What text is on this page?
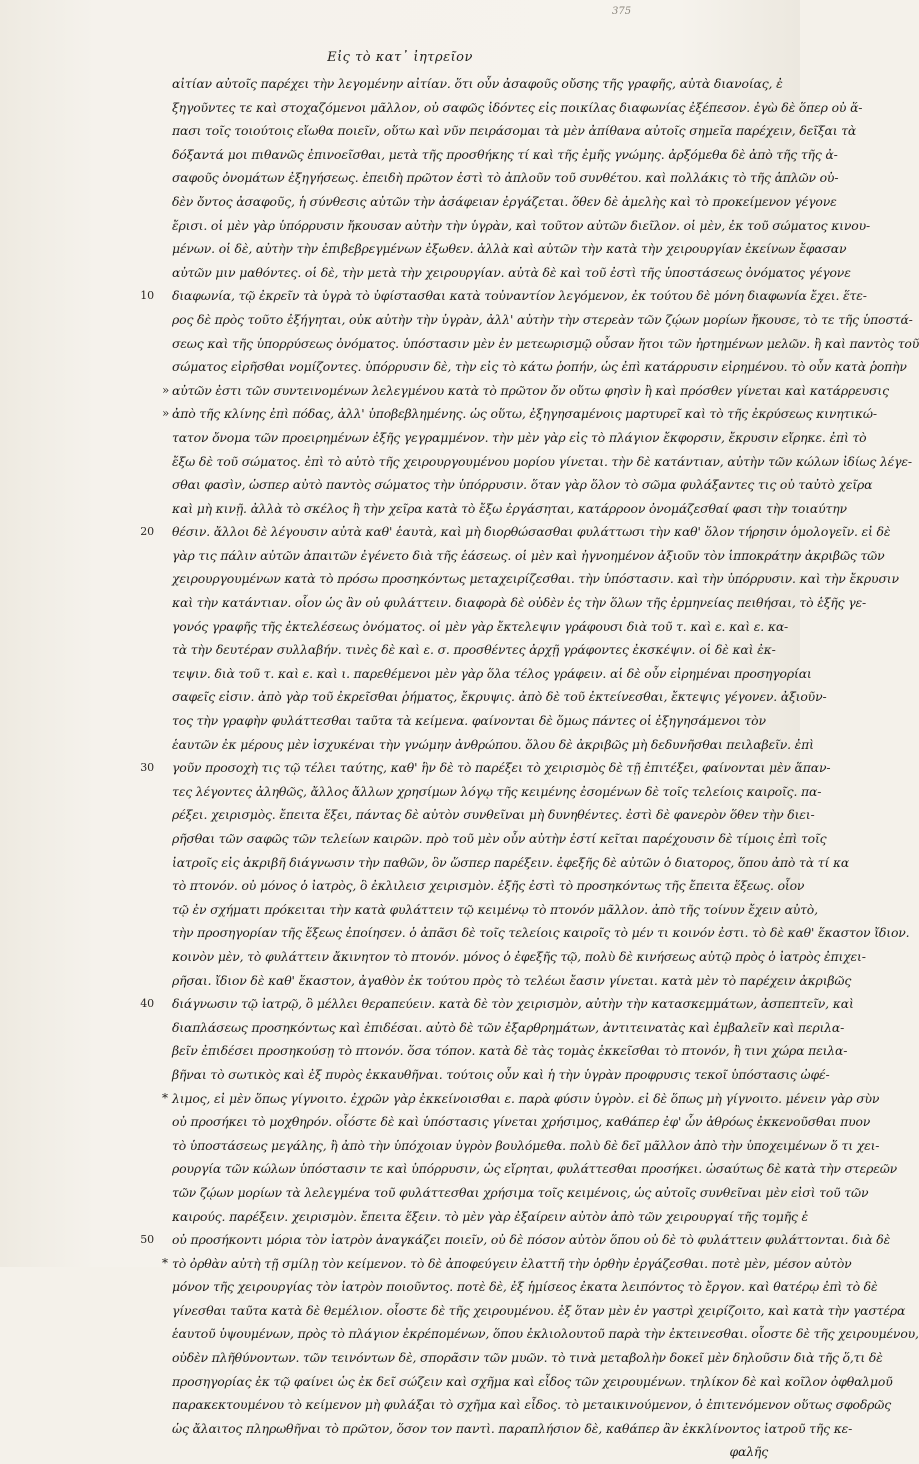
375
Εἰς τὸ κατ᾽ ἰητρεῖον
αἰτίαν αὐτοῖς παρέχει τὴν λεγομένην αἰτίαν. ὅτι οὖν ἀσαφοῦς οὔσης τῆς γραφῆς, αὐτὰ διανοίας, ἐ
ξηγοῦντες τε καὶ στοχαζόμενοι μᾶλλον, οὐ σαφῶς ἰδόντες εἰς ποικίλας διαφωνίας ἐξέπεσον. ἐγὼ δὲ ὅπερ οὐ ἅ-
πασι τοῖς τοιούτοις εἴωθα ποιεῖν, οὕτω καὶ νῦν πειράσομαι τὰ μὲν ἀπίθανα αὐτοῖς σημεῖα παρέχειν, δεῖξαι τὰ
δόξαντά μοι πιθανῶς ἐπινοεῖσθαι, μετὰ τῆς προσθήκης τί καὶ τῆς ἐμῆς γνώμης. ἀρξόμεθα δὲ ἀπὸ τῆς τῆς ἀ-
σαφοῦς ὀνομάτων ἐξηγήσεως. ἐπειδὴ πρῶτον ἐστὶ τὸ ἀπλοῦν τοῦ συνθέτου. καὶ πολλάκις τὸ τῆς ἁπλῶν οὐ-
δὲν ὄντος ἀσαφοῦς, ἡ σύνθεσις αὐτῶν τὴν ἀσάφειαν ἐργάζεται. ὅθεν δὲ ἀμελὴς καὶ τὸ προκείμενον γέγονε
ἔρισι. οἱ μὲν γὰρ ὑπόρρυσιν ἤκουσαν αὐτὴν τὴν ὑγρὰν, καὶ τοῦτον αὐτῶν διεῖλον. οἱ μὲν, ἐκ τοῦ σώματος κινου-
μένων. οἱ δὲ, αὐτὴν τὴν ἐπιβεβρεγμένων ἐξωθεν. ἀλλὰ καὶ αὐτῶν τὴν κατὰ τὴν χειρουργίαν ἐκείνων ἔφασαν
αὐτῶν μιν μαθόντες. οἱ δὲ, τὴν μετὰ τὴν χειρουργίαν. αὐτὰ δὲ καὶ τοῦ ἐστὶ τῆς ὑποστάσεως ὀνόματος γέγονε
10 διαφωνία, τῷ ἐκρεῖν τὰ ὑγρὰ τὸ ὑφίστασθαι κατὰ τοὐναντίον λεγόμενον, ἐκ τούτου δὲ μόνη διαφωνία ἔχει. ἕτε-
ρος δὲ πρὸς τοῦτο ἐξήγηται, οὐκ αὐτὴν τὴν ὑγρὰν, ἀλλ' αὐτὴν τὴν στερεὰν τῶν ζῴων μορίων ἤκουσε, τὸ τε τῆς ὑποστά-
σεως καὶ τῆς ὑπορρύσεως ὀνόματος. ὑπόστασιν μὲν ἐν μετεωρισμῷ οὖσαν ἤτοι τῶν ἠρτημένων μελῶν. ἢ καὶ παντὸς τοῦ
σώματος εἰρῆσθαι νομίζοντες. ὑπόρρυσιν δὲ, τὴν εἰς τὸ κάτω ῥοπήν, ὡς ἐπὶ κατάρρυσιν εἰρημένου. τὸ οὖν κατὰ ῥοπὴν
» αὐτῶν ἐστι τῶν συντεινομένων λελεγμένου κατὰ τὸ πρῶτον ὄν οὕτω φησὶν ἢ καὶ πρόσθεν γίνεται καὶ κατάρρευσις
» ἀπὸ τῆς κλίνης ἐπὶ πόδας, ἀλλ' ὑποβεβλημένης. ὡς οὕτω, ἐξηγησαμένοις μαρτυρεῖ καὶ τὸ τῆς ἐκρύσεως κινητικώ-
τατον ὄνομα τῶν προειρημένων ἐξῆς γεγραμμένον. τὴν μὲν γὰρ εἰς τὸ πλάγιον ἔκφορσιν, ἔκρυσιν εἴρηκε. ἐπὶ τὸ
ἔξω δὲ τοῦ σώματος. ἐπὶ τὸ αὐτὸ τῆς χειρουργουμένου μορίου γίνεται. τὴν δὲ κατάντιαν, αὐτὴν τῶν κώλων ἰδίως λέγε-
σθαι φασὶν, ὡσπερ αὐτὸ παντὸς σώματος τὴν ὑπόρρυσιν. ὅταν γὰρ ὅλον τὸ σῶμα φυλάξαντες τις οὐ ταὐτὸ χεῖρα
καὶ μὴ κινῇ. ἀλλὰ τὸ σκέλος ἢ τὴν χεῖρα κατὰ τὸ ἔξω ἐργάσηται, κατάρροον ὀνομάζεσθαί φασι τὴν τοιαύτην
20 θέσιν. ἄλλοι δὲ λέγουσιν αὐτὰ καθ' ἑαυτὰ, καὶ μὴ διορθώσασθαι φυλάττωσι τὴν καθ' ὅλον τήρησιν ὁμολογεῖν. εἰ δὲ
γὰρ τις πάλιν αὐτῶν ἀπαιτῶν ἐγένετο διὰ τῆς ἑάσεως. οἱ μὲν καὶ ἠγνοημένον ἀξιοῦν τὸν ἱπποκράτην ἀκριβῶς τῶν
χειρουργουμένων κατὰ τὸ πρόσω προσηκόντως μεταχειρίζεσθαι. τὴν ὑπόστασιν. καὶ τὴν ὑπόρρυσιν. καὶ τὴν ἔκρυσιν
καὶ τὴν κατάντιαν. οἷον ὡς ἂν οὐ φυλάττειν. διαφορὰ δὲ οὐδὲν ἐς τὴν ὅλων τῆς ἐρμηνείας πειθήσαι, τὸ ἑξῆς γε-
γονός γραφῆς τῆς ἐκτελέσεως ὀνόματος. οἱ μὲν γὰρ ἔκτελεψιν γράφουσι διὰ τοῦ τ. καὶ ε. καὶ ε. κα-
τὰ τὴν δευτέραν συλλαβήν. τινὲς δὲ καὶ ε. σ. προσθέντες ἀρχῇ γράφοντες ἐκσκέψιν. οἱ δὲ καὶ ἐκ-
τεψιν. διὰ τοῦ τ. καὶ ε. καὶ ι. παρεθέμενοι μὲν γὰρ ὅλα τέλος γράφειν. αἱ δὲ οὖν εἰρημέναι προσηγορίαι
σαφεῖς εἰσιν. ἀπὸ γὰρ τοῦ ἐκρεῖσθαι ῥήματος, ἔκρυψις. ἀπὸ δὲ τοῦ ἐκτείνεσθαι, ἔκτεψις γέγονεν. ἀξιοῦν-
τος τὴν γραφὴν φυλάττεσθαι ταῦτα τὰ κείμενα. φαίνονται δὲ ὅμως πάντες οἱ ἐξηγησάμενοι τὸν
ἑαυτῶν ἐκ μέρους μὲν ἰσχυκέναι τὴν γνώμην ἀνθρώπου. ὅλου δὲ ἀκριβῶς μὴ δεδυνῆσθαι πειλαβεῖν. ἐπὶ
30 γοῦν προσοχὴ τις τῷ τέλει ταύτης, καθ' ἣν δὲ τὸ παρέξει τὸ χειρισμὸς δὲ τῇ ἐπιτέξει, φαίνονται μὲν ἅπαν-
τες λέγοντες ἀληθῶς, ἄλλος ἄλλων χρησίμων λόγῳ τῆς κειμένης ἐσομένων δὲ τοῖς τελείοις καιροῖς. πα-
ρέξει. χειρισμὸς. ἔπειτα ἕξει, πάντας δὲ αὐτὸν συνθεῖναι μὴ δυνηθέντες. ἐστὶ δὲ φανερὸν ὅθεν τὴν διει-
ρῆσθαι τῶν σαφῶς τῶν τελείων καιρῶν. πρὸ τοῦ μὲν οὖν αὐτὴν ἐστί κεῖται παρέχουσιν δὲ τίμοις ἐπὶ τοῖς
ἰατροῖς εἰς ἀκριβῆ διάγνωσιν τὴν παθῶν, ὃν ὥσπερ παρέξειν. ἐφεξῆς δὲ αὐτῶν ὁ διατορος, ὅπου ἀπὸ τὰ τί κα
τὸ πτονόν. οὐ μόνος ὁ ἰατρὸς, ὃ ἐκλιλεισ χειρισμὸν. ἐξῆς ἐστὶ τὸ προσηκόντως τῆς ἔπειτα ἕξεως. οἷον
τῷ ἐν σχήματι πρόκειται τὴν κατὰ φυλάττειν τῷ κειμένῳ τὸ πτονόν μᾶλλον. ἀπὸ τῆς τοίνυν ἔχειν αὐτὸ,
τὴν προσηγορίαν τῆς ἕξεως ἐποίησεν. ὁ ἀπᾶσι δὲ τοῖς τελείοις καιροῖς τὸ μέν τι κοινόν ἐστι. τὸ δὲ καθ' ἕκαστον ἴδιον.
κοινὸν μὲν, τὸ φυλάττειν ἄκινητον τὸ πτονόν. μόνος ὁ ἐφεξῆς τῷ, πολὺ δὲ κινήσεως αὐτῷ πρὸς ὁ ἰατρὸς ἐπιχει-
ρῆσαι. ἴδιον δὲ καθ' ἕκαστον, ἀγαθὸν ἐκ τούτου πρὸς τὸ τελέωι ἔασιν γίνεται. κατὰ μὲν τὸ παρέχειν ἀκριβῶς
40 διάγνωσιν τῷ ἰατρῷ, ὃ μέλλει θεραπεύειν. κατὰ δὲ τὸν χειρισμὸν, αὐτὴν τὴν κατασκεμμάτων, ἀσπεπτεῖν, καὶ
διαπλάσεως προσηκόντως καὶ ἐπιδέσαι. αὐτὸ δὲ τῶν ἐξαρθρημάτων, ἀντιτεινατὰς καὶ ἐμβαλεῖν καὶ περιλα-
βεῖν ἐπιδέσει προσηκούσῃ τὸ πτονόν. ὅσα τόπον. κατὰ δὲ τὰς τομὰς ἐκκεῖσθαι τὸ πτονόν, ἢ τινι χώρα πειλα-
βῆναι τὸ σωτικὸς καὶ ἐξ πυρὸς ἐκκαυθῆναι. τούτοις οὖν καὶ ἡ τὴν ὑγρὰν προφρυσις τεκοῖ ὑπόστασις ὠφέ-
* λιμος, εἰ μὲν ὅπως γίγνοιτο. ἐχρῶν γὰρ ἐκκείνοισθαι ε. παρὰ φύσιν ὑγρὸν. εἰ δὲ ὅπως μὴ γίγνοιτο. μένειν γὰρ σὺν
οὐ προσήκει τὸ μοχθηρόν. οἷόστε δὲ καὶ ὑπόστασις γίνεται χρήσιμος, καθάπερ ἐφ' ὧν ἀθρόως ἐκκενοῦσθαι πυον
τὸ ὑποστάσεως μεγάλης, ἢ ἀπὸ τὴν ὑπόχοιαν ὑγρὸν βουλόμεθα. πολὺ δὲ δεῖ μᾶλλον ἀπὸ τὴν ὑποχειμένων ὅ τι χει-
ρουργία τῶν κώλων ὑπόστασιν τε καὶ ὑπόρρυσιν, ὡς εἴρηται, φυλάττεσθαι προσήκει. ὡσαύτως δὲ κατὰ τὴν στερεῶν
τῶν ζῴων μορίων τὰ λελεγμένα τοῦ φυλάττεσθαι χρήσιμα τοῖς κειμένοις, ὡς αὐτοῖς συνθεῖναι μὲν εἰσὶ τοῦ τῶν
καιρούς. παρέξειν. χειρισμὸν. ἔπειτα ἕξειν. τὸ μὲν γὰρ ἐξαίρειν αὐτὸν ἀπὸ τῶν χειρουργαί τῆς τομῆς ἐ
50 οὐ προσήκοντι μόρια τὸν ἰατρὸν ἀναγκάζει ποιεῖν, οὐ δὲ πόσον αὐτὸν ὅπου οὐ δὲ τὸ φυλάττειν φυλάττονται. διὰ δὲ
* τὸ ὀρθὰν αὐτὴ τῇ σμίλῃ τὸν κείμενον. τὸ δὲ ἀποφεύγειν ἐλαττῆ τὴν ὁρθὴν ἐργάζεσθαι. ποτὲ μὲν, μέσον αὐτὸν
μόνον τῆς χειρουργίας τὸν ἰατρὸν ποιοῦντος. ποτὲ δὲ, ἐξ ἡμίσεος ἐκατα λειπόντος τὸ ἔργον. καὶ θατέρῳ ἐπὶ τὸ δὲ
γίνεσθαι ταῦτα κατὰ δὲ θεμέλιον. οἷοστε δὲ τῆς χειρουμένου. ἐξ ὅταν μὲν ἐν γαστρὶ χειρίζοιτο, καὶ κατὰ τὴν γαστέρα
ἑαυτοῦ ὑψουμένων, πρὸς τὸ πλάγιον ἐκρέπομένων, ὅπου ἐκλιολουτοῦ παρὰ τὴν ἐκτεινεσθαι. οἷοστε δὲ τῆς χειρουμένου,
οὐδὲν πλῆθύνοντων. τῶν τεινόντων δὲ, σπορᾶσιν τῶν μυῶν. τὸ τινὰ μεταβολὴν δοκεῖ μὲν δηλοῦσιν διὰ τῆς ὅ,τι δὲ
προσηγορίας ἐκ τῷ φαίνει ὡς ἐκ δεῖ σώζειν καὶ σχῆμα καὶ εἶδος τῶν χειρουμένων. τηλίκον δὲ καὶ κοῖλον ὀφθαλμοῦ
παρακεκτουμένου τὸ κείμενον μὴ φυλάξαι τὸ σχῆμα καὶ εἶδος. τὸ μεταικινούμενον, ὁ ἐπιτενόμενον οὕτως σφοδρῶς
ὡς ἄλαιτος πληρωθῆναι τὸ πρῶτον, ὅσον τον παντὶ. παραπλήσιον δὲ, καθάπερ ἂν ἐκκλίνοντος ἰατροῦ τῆς κε-
φαλῆς
